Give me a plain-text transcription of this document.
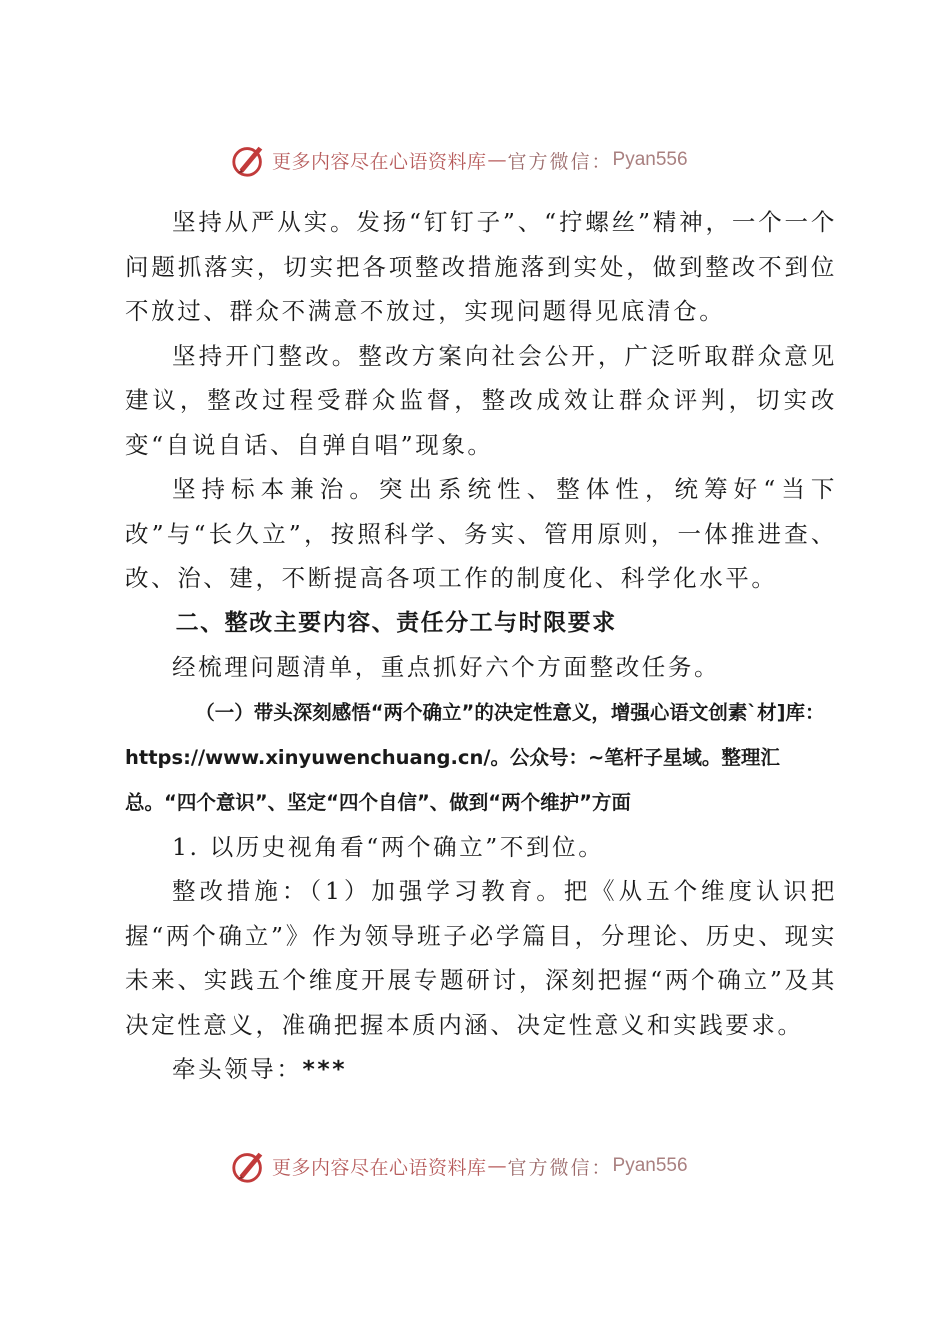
更多内容尽在心语资料库 — 官方微信： Pyan556

坚持从严从实。发扬“钉钉子”、“拧螺丝”精神，一个一个问题抓落实，切实把各项整改措施落到实处，做到整改不到位不放过、群众不满意不放过，实现问题得见底清仓。

坚持开门整改。整改方案向社会公开，广泛听取群众意见建议，整改过程受群众监督，整改成效让群众评判，切实改变“自说自话、自弹自唱”现象。

坚持标本兼治。突出系统性、整体性，统筹好“当下改”与“长久立”，按照科学、务实、管用原则，一体推进查、改、治、建，不断提高各项工作的制度化、科学化水平。

二、整改主要内容、责任分工与时限要求

经梳理问题清单，重点抓好六个方面整改任务。

（一）带头深刻感悟“两个确立”的决定性意义，增强心语文创素`材]库：https://www.xinyuwenchuang.cn/。公众号：~笔杆子星域。整理汇总。“四个意识”、坚定“四个自信”、做到“两个维护”方面

1. 以历史视角看“两个确立”不到位。

整改措施：（1）加强学习教育。把《从五个维度认识把握“两个确立”》作为领导班子必学篇目，分理论、历史、现实未来、实践五个维度开展专题研讨，深刻把握“两个确立”及其决定性意义，准确把握本质内涵、决定性意义和实践要求。

牵头领导：***

更多内容尽在心语资料库 — 官方微信： Pyan556
